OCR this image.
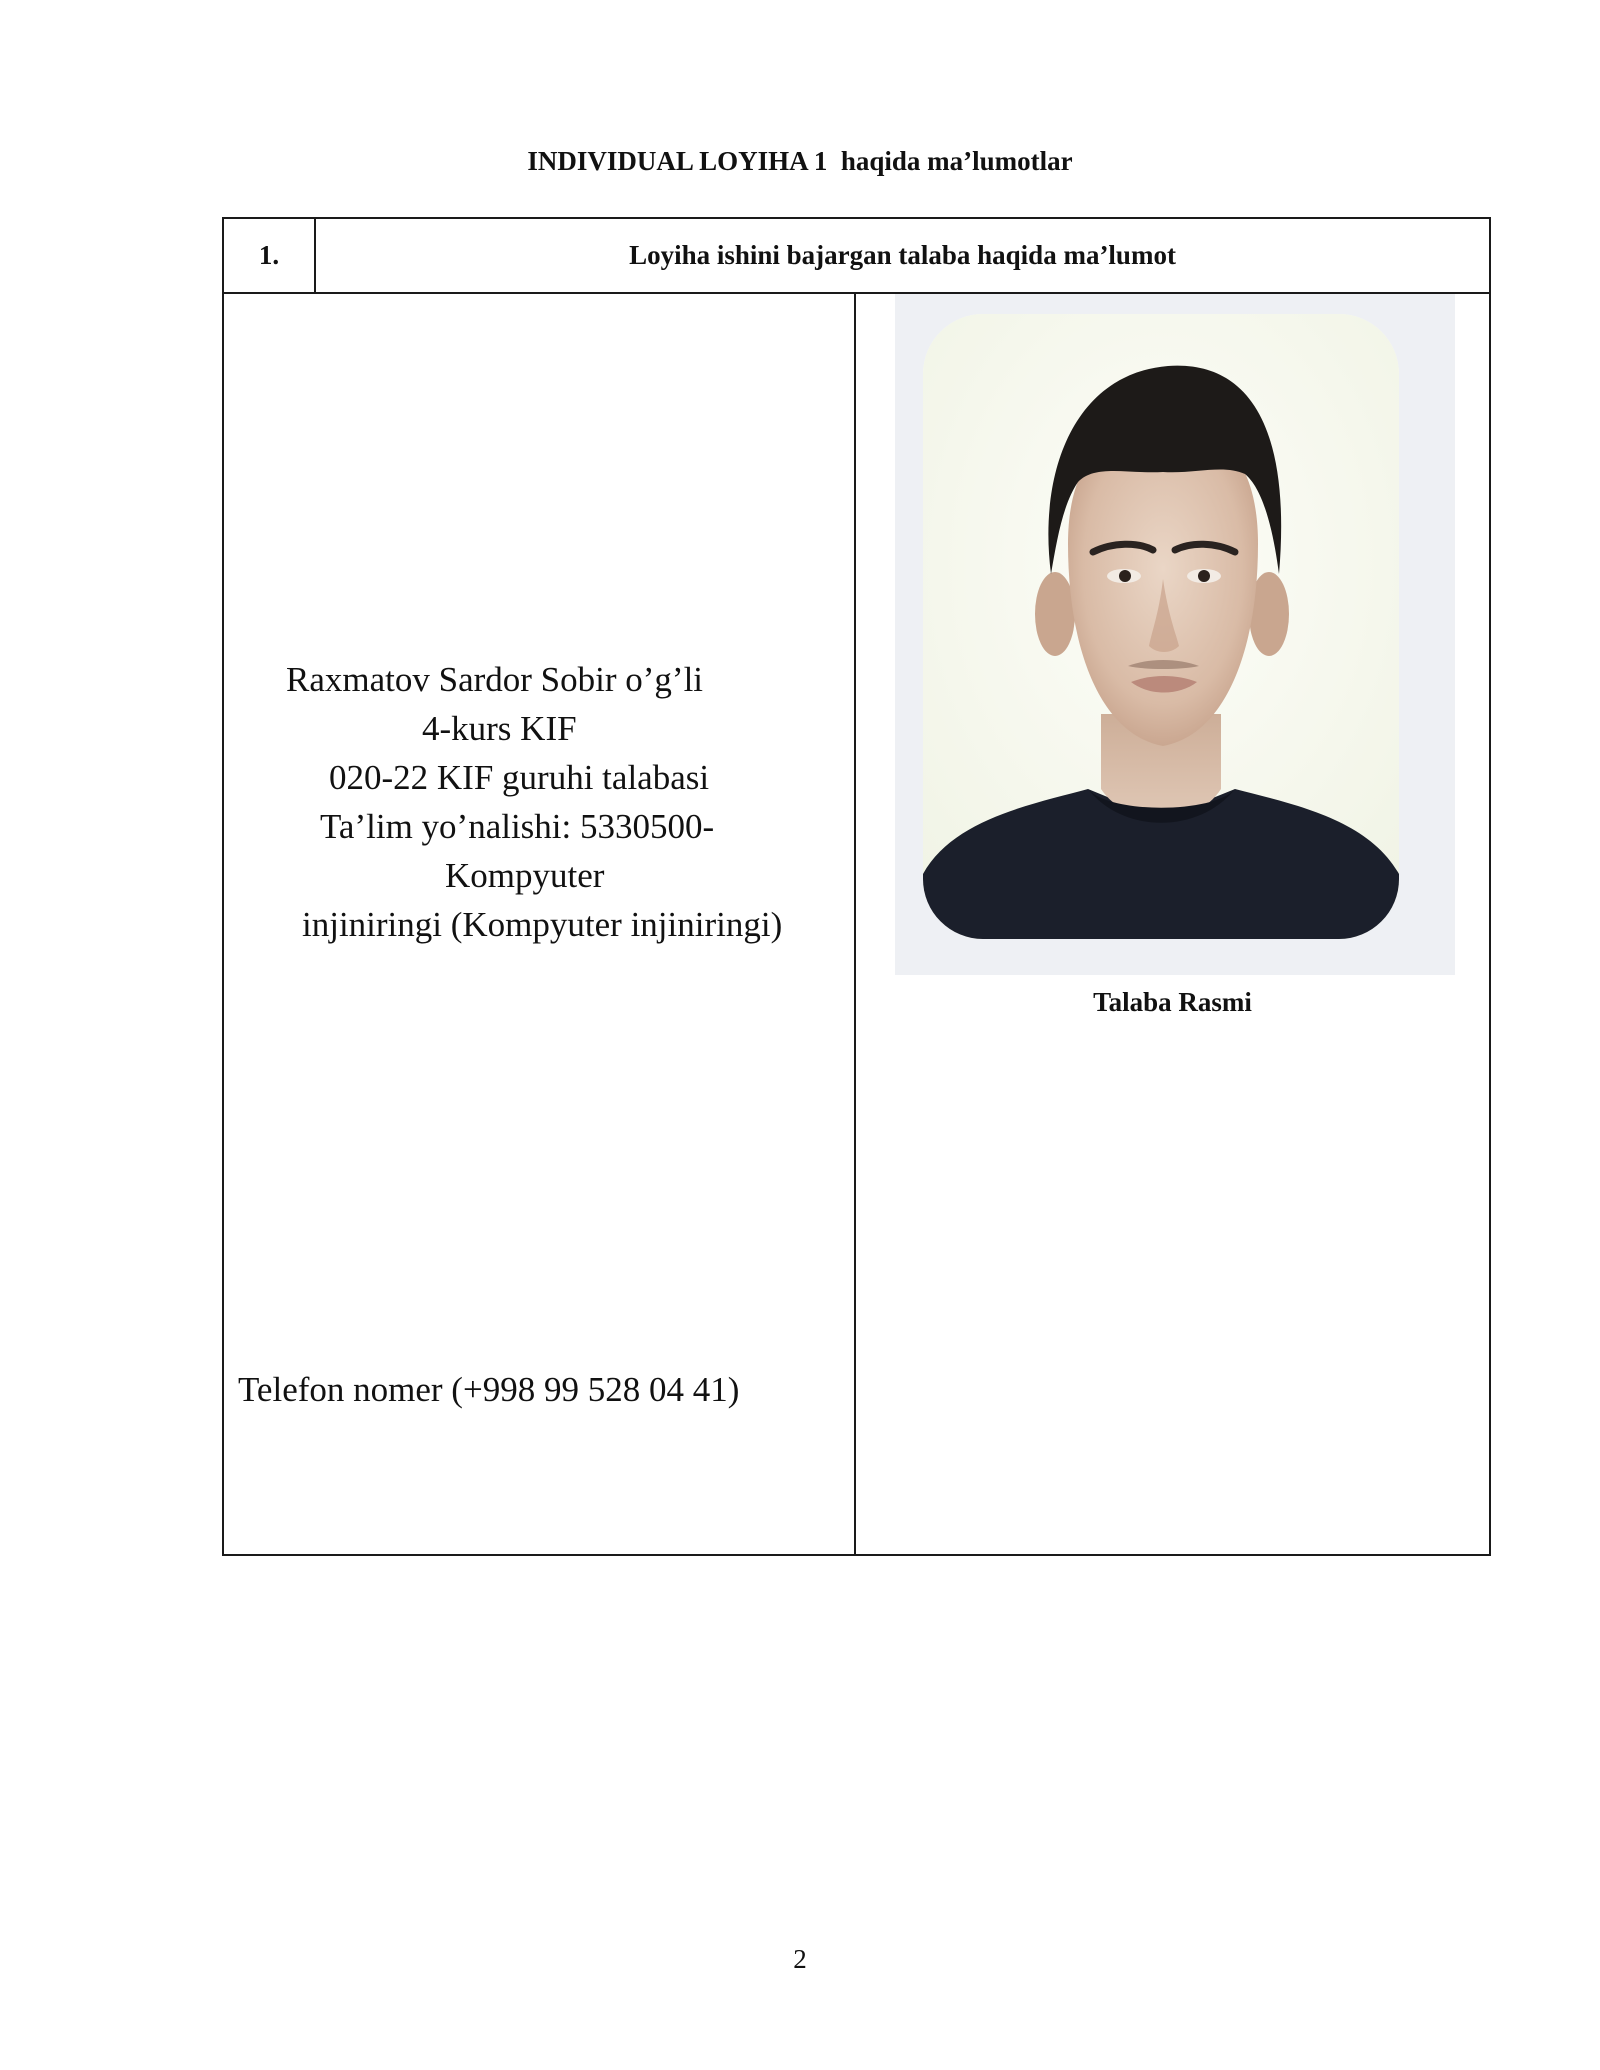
INDIVIDUAL LOYIHA 1  haqida ma’lumotlar
1.	Loyiha ishini bajargan talaba haqida ma’lumot
Raxmatov Sardor Sobir o’g’li
4-kurs KIF
020-22 KIF guruhi talabasi
Ta’lim yo’nalishi: 5330500-
Kompyuter
injiniringi (Kompyuter injiniringi)
Telefon nomer (+998 99 528 04 41)
Talaba Rasmi
2
